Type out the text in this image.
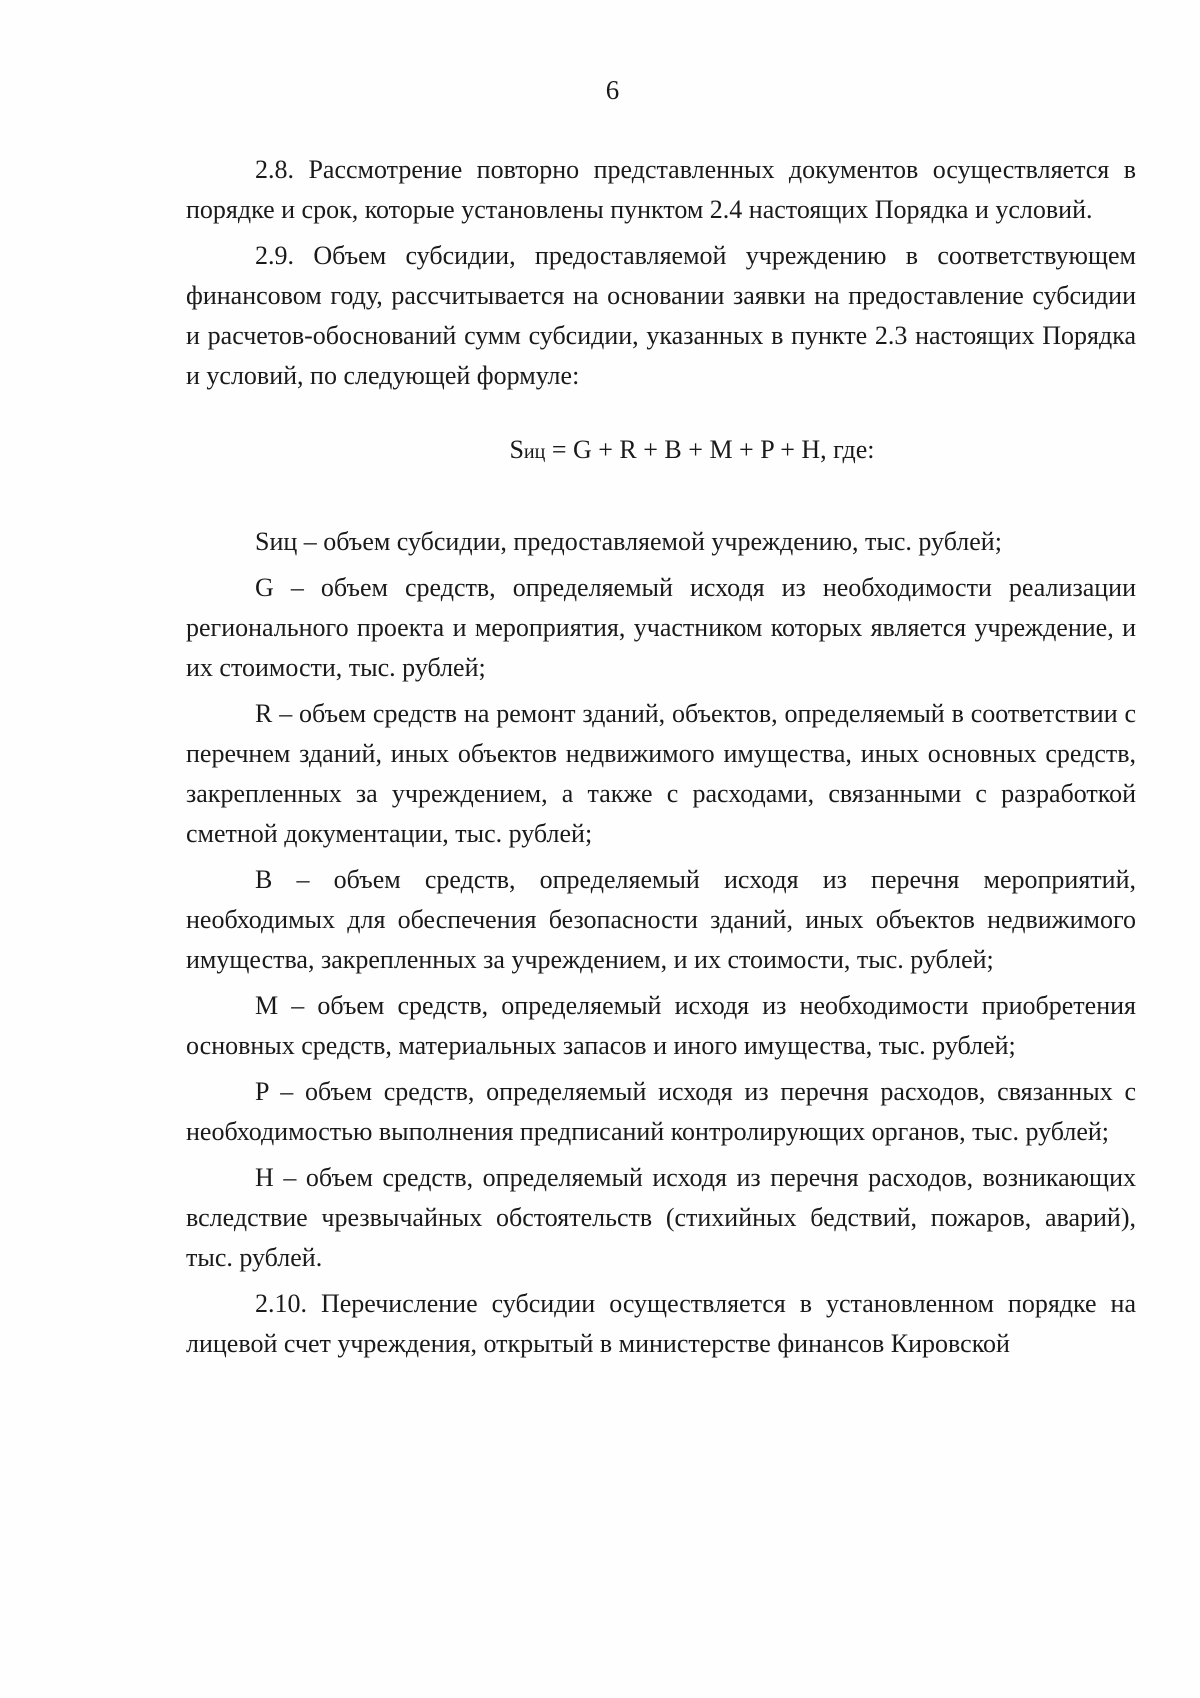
6

2.8. Рассмотрение повторно представленных документов осуществляется в порядке и срок, которые установлены пунктом 2.4 настоящих Порядка и условий.

2.9. Объем субсидии, предоставляемой учреждению в соответствующем финансовом году, рассчитывается на основании заявки на предоставление субсидии и расчетов-обоснований сумм субсидии, указанных в пункте 2.3 настоящих Порядка и условий, по следующей формуле:

Sиц = G + R + B + M + P + H, где:

Sиц – объем субсидии, предоставляемой учреждению, тыс. рублей;

G – объем средств, определяемый исходя из необходимости реализации регионального проекта и мероприятия, участником которых является учреждение, и их стоимости, тыс. рублей;

R – объем средств на ремонт зданий, объектов, определяемый в соответствии с перечнем зданий, иных объектов недвижимого имущества, иных основных средств, закрепленных за учреждением, а также с расходами, связанными с разработкой сметной документации, тыс. рублей;

B – объем средств, определяемый исходя из перечня мероприятий, необходимых для обеспечения безопасности зданий, иных объектов недвижимого имущества, закрепленных за учреждением, и их стоимости, тыс. рублей;

M – объем средств, определяемый исходя из необходимости приобретения основных средств, материальных запасов и иного имущества, тыс. рублей;

P – объем средств, определяемый исходя из перечня расходов, связанных с необходимостью выполнения предписаний контролирующих органов, тыс. рублей;

H – объем средств, определяемый исходя из перечня расходов, возникающих вследствие чрезвычайных обстоятельств (стихийных бедствий, пожаров, аварий), тыс. рублей.

2.10. Перечисление субсидии осуществляется в установленном порядке на лицевой счет учреждения, открытый в министерстве финансов Кировской
